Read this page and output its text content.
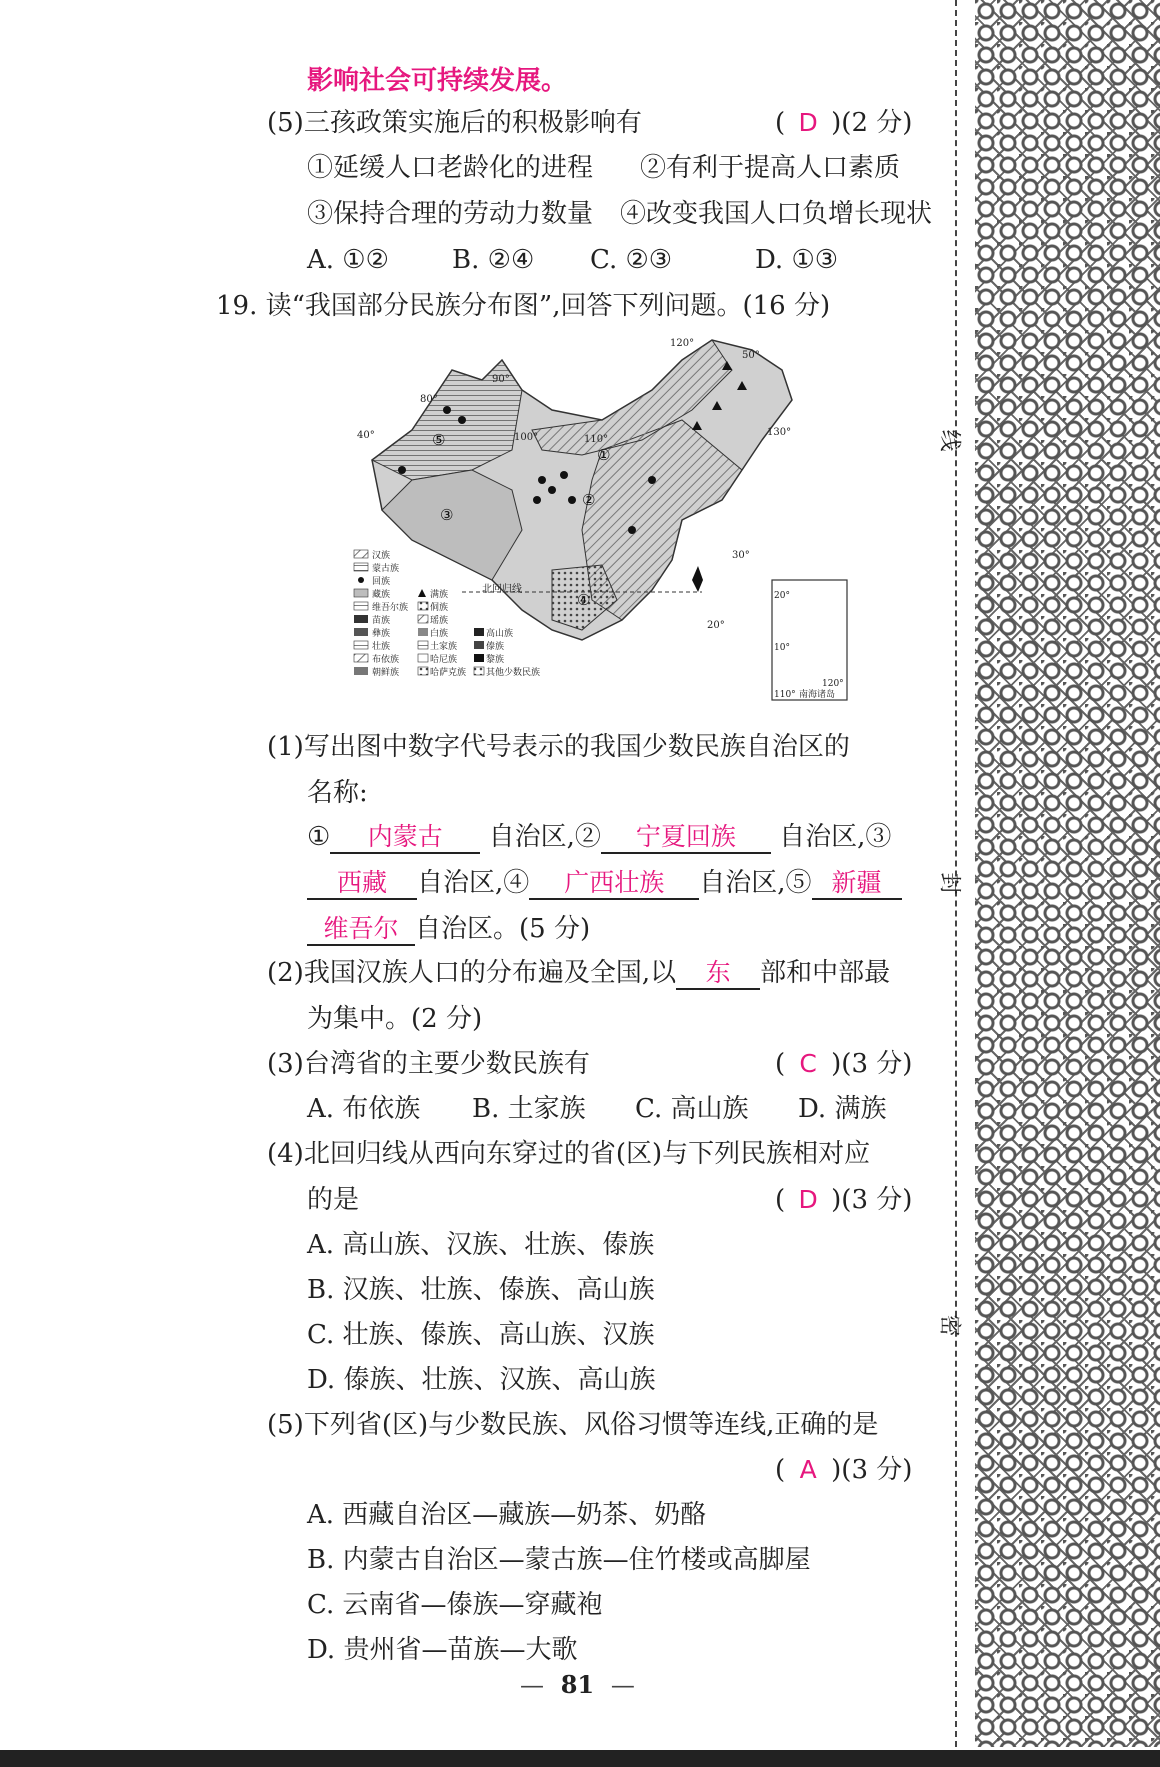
影响社会可持续发展。
(5)三孩政策实施后的积极影响有	( D )(2 分)
①延缓人口老龄化的进程 ②有利于提高人口素质
③保持合理的劳动力数量 ④改变我国人口负增长现状
A. ①② B. ②④ C. ②③	D. ①③
19. 读“我国部分民族分布图”,回答下列问题。(16 分)
①
②
③
④
⑤
120°
90°
80°
40°	100°	110°
50°
130°
30°
20°
北回归线
20°
10°
110°
120°
南海诸岛
汉族
蒙古族
回族
藏族	满族
维吾尔族 侗族
苗族	瑶族
彝族	白族	高山族
壮族	土家族	傣族
布依族	哈尼族	黎族
朝鲜族	哈萨克族 其他少数民族
(1)写出图中数字代号表示的我国少数民族自治区的
名称:
① 内蒙古 自治区,② 宁夏回族 自治区,③
西藏 自治区,④ 广西壮族 自治区,⑤ 新疆
维吾尔 自治区。(5 分)
(2)我国汉族人口的分布遍及全国,以 东 部和中部最
为集中。(2 分)
(3)台湾省的主要少数民族有	( C )(3 分)
A. 布依族 B. 土家族 C. 高山族 D. 满族
(4)北回归线从西向东穿过的省(区)与下列民族相对应
的是	( D )(3 分)
A. 高山族、汉族、壮族、傣族
B. 汉族、壮族、傣族、高山族
C. 壮族、傣族、高山族、汉族
D. 傣族、壮族、汉族、高山族
(5)下列省(区)与少数民族、风俗习惯等连线,正确的是
( A )(3 分)
A. 西藏自治区—藏族—奶茶、奶酪
B. 内蒙古自治区—蒙古族—住竹楼或高脚屋
C. 云南省—傣族—穿藏袍
D. 贵州省—苗族—大歌
— 81 —
线
封
密
